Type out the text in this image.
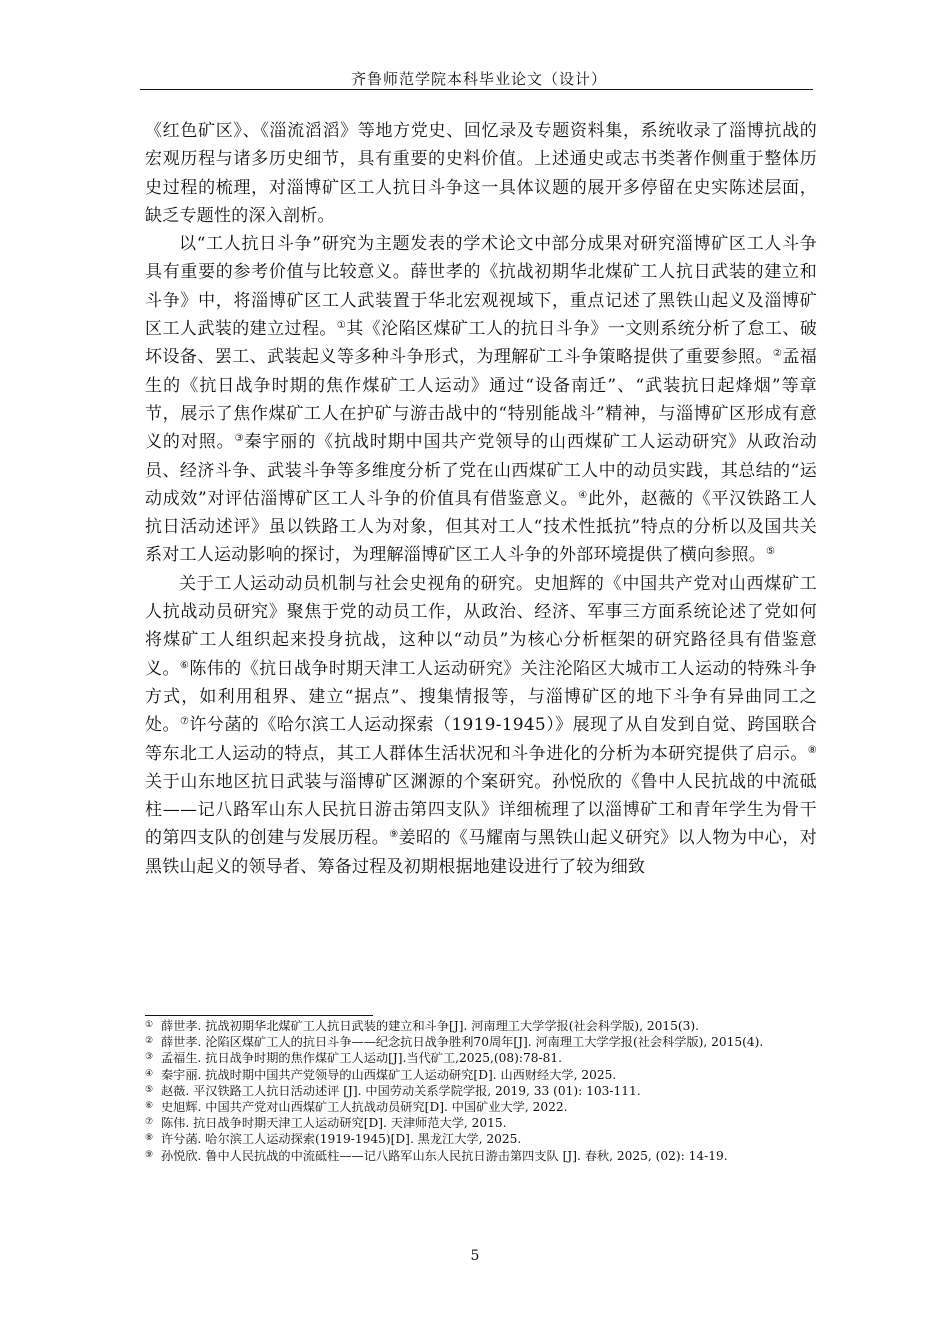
齐鲁师范学院本科毕业论文（设计）

《红色矿区》、《淄流滔滔》等地方党史、回忆录及专题资料集，系统收录了淄博抗战的宏观历程与诸多历史细节，具有重要的史料价值。上述通史或志书类著作侧重于整体历史过程的梳理，对淄博矿区工人抗日斗争这一具体议题的展开多停留在史实陈述层面，缺乏专题性的深入剖析。

以“工人抗日斗争”研究为主题发表的学术论文中部分成果对研究淄博矿区工人斗争具有重要的参考价值与比较意义。薛世孝的《抗战初期华北煤矿工人抗日武装的建立和斗争》中，将淄博矿区工人武装置于华北宏观视域下，重点记述了黑铁山起义及淄博矿区工人武装的建立过程。①其《沦陷区煤矿工人的抗日斗争》一文则系统分析了怠工、破坏设备、罢工、武装起义等多种斗争形式，为理解矿工斗争策略提供了重要参照。②孟福生的《抗日战争时期的焦作煤矿工人运动》通过“设备南迁”、“武装抗日起烽烟”等章节，展示了焦作煤矿工人在护矿与游击战中的“特别能战斗”精神，与淄博矿区形成有意义的对照。③秦宇丽的《抗战时期中国共产党领导的山西煤矿工人运动研究》从政治动员、经济斗争、武装斗争等多维度分析了党在山西煤矿工人中的动员实践，其总结的“运动成效”对评估淄博矿区工人斗争的价值具有借鉴意义。④此外，赵薇的《平汉铁路工人抗日活动述评》虽以铁路工人为对象，但其对工人“技术性抵抗”特点的分析以及国共关系对工人运动影响的探讨，为理解淄博矿区工人斗争的外部环境提供了横向参照。⑤

关于工人运动动员机制与社会史视角的研究。史旭辉的《中国共产党对山西煤矿工人抗战动员研究》聚焦于党的动员工作，从政治、经济、军事三方面系统论述了党如何将煤矿工人组织起来投身抗战，这种以“动员”为核心分析框架的研究路径具有借鉴意义。⑥陈伟的《抗日战争时期天津工人运动研究》关注沦陷区大城市工人运动的特殊斗争方式，如利用租界、建立“据点”、搜集情报等，与淄博矿区的地下斗争有异曲同工之处。⑦许兮菡的《哈尔滨工人运动探索（1919-1945）》展现了从自发到自觉、跨国联合等东北工人运动的特点，其工人群体生活状况和斗争进化的分析为本研究提供了启示。⑧关于山东地区抗日武装与淄博矿区渊源的个案研究。孙悦欣的《鲁中人民抗战的中流砥柱——记八路军山东人民抗日游击第四支队》详细梳理了以淄博矿工和青年学生为骨干的第四支队的创建与发展历程。⑨姜昭的《马耀南与黑铁山起义研究》以人物为中心，对黑铁山起义的领导者、筹备过程及初期根据地建设进行了较为细致

① 薛世孝. 抗战初期华北煤矿工人抗日武装的建立和斗争[J]. 河南理工大学学报(社会科学版), 2015(3).

② 薛世孝. 沦陷区煤矿工人的抗日斗争——纪念抗日战争胜利70周年[J]. 河南理工大学学报(社会科学版), 2015(4).

③ 孟福生. 抗日战争时期的焦作煤矿工人运动[J].当代矿工,2025,(08):78-81.

④ 秦宇丽. 抗战时期中国共产党领导的山西煤矿工人运动研究[D]. 山西财经大学, 2025.

⑤ 赵薇. 平汉铁路工人抗日活动述评 [J]. 中国劳动关系学院学报, 2019, 33 (01): 103-111.

⑥ 史旭辉. 中国共产党对山西煤矿工人抗战动员研究[D]. 中国矿业大学, 2022.

⑦ 陈伟. 抗日战争时期天津工人运动研究[D]. 天津师范大学, 2015.

⑧ 许兮菡. 哈尔滨工人运动探索(1919-1945)[D]. 黑龙江大学, 2025.

⑨ 孙悦欣. 鲁中人民抗战的中流砥柱——记八路军山东人民抗日游击第四支队 [J]. 春秋, 2025, (02): 14-19.

5
